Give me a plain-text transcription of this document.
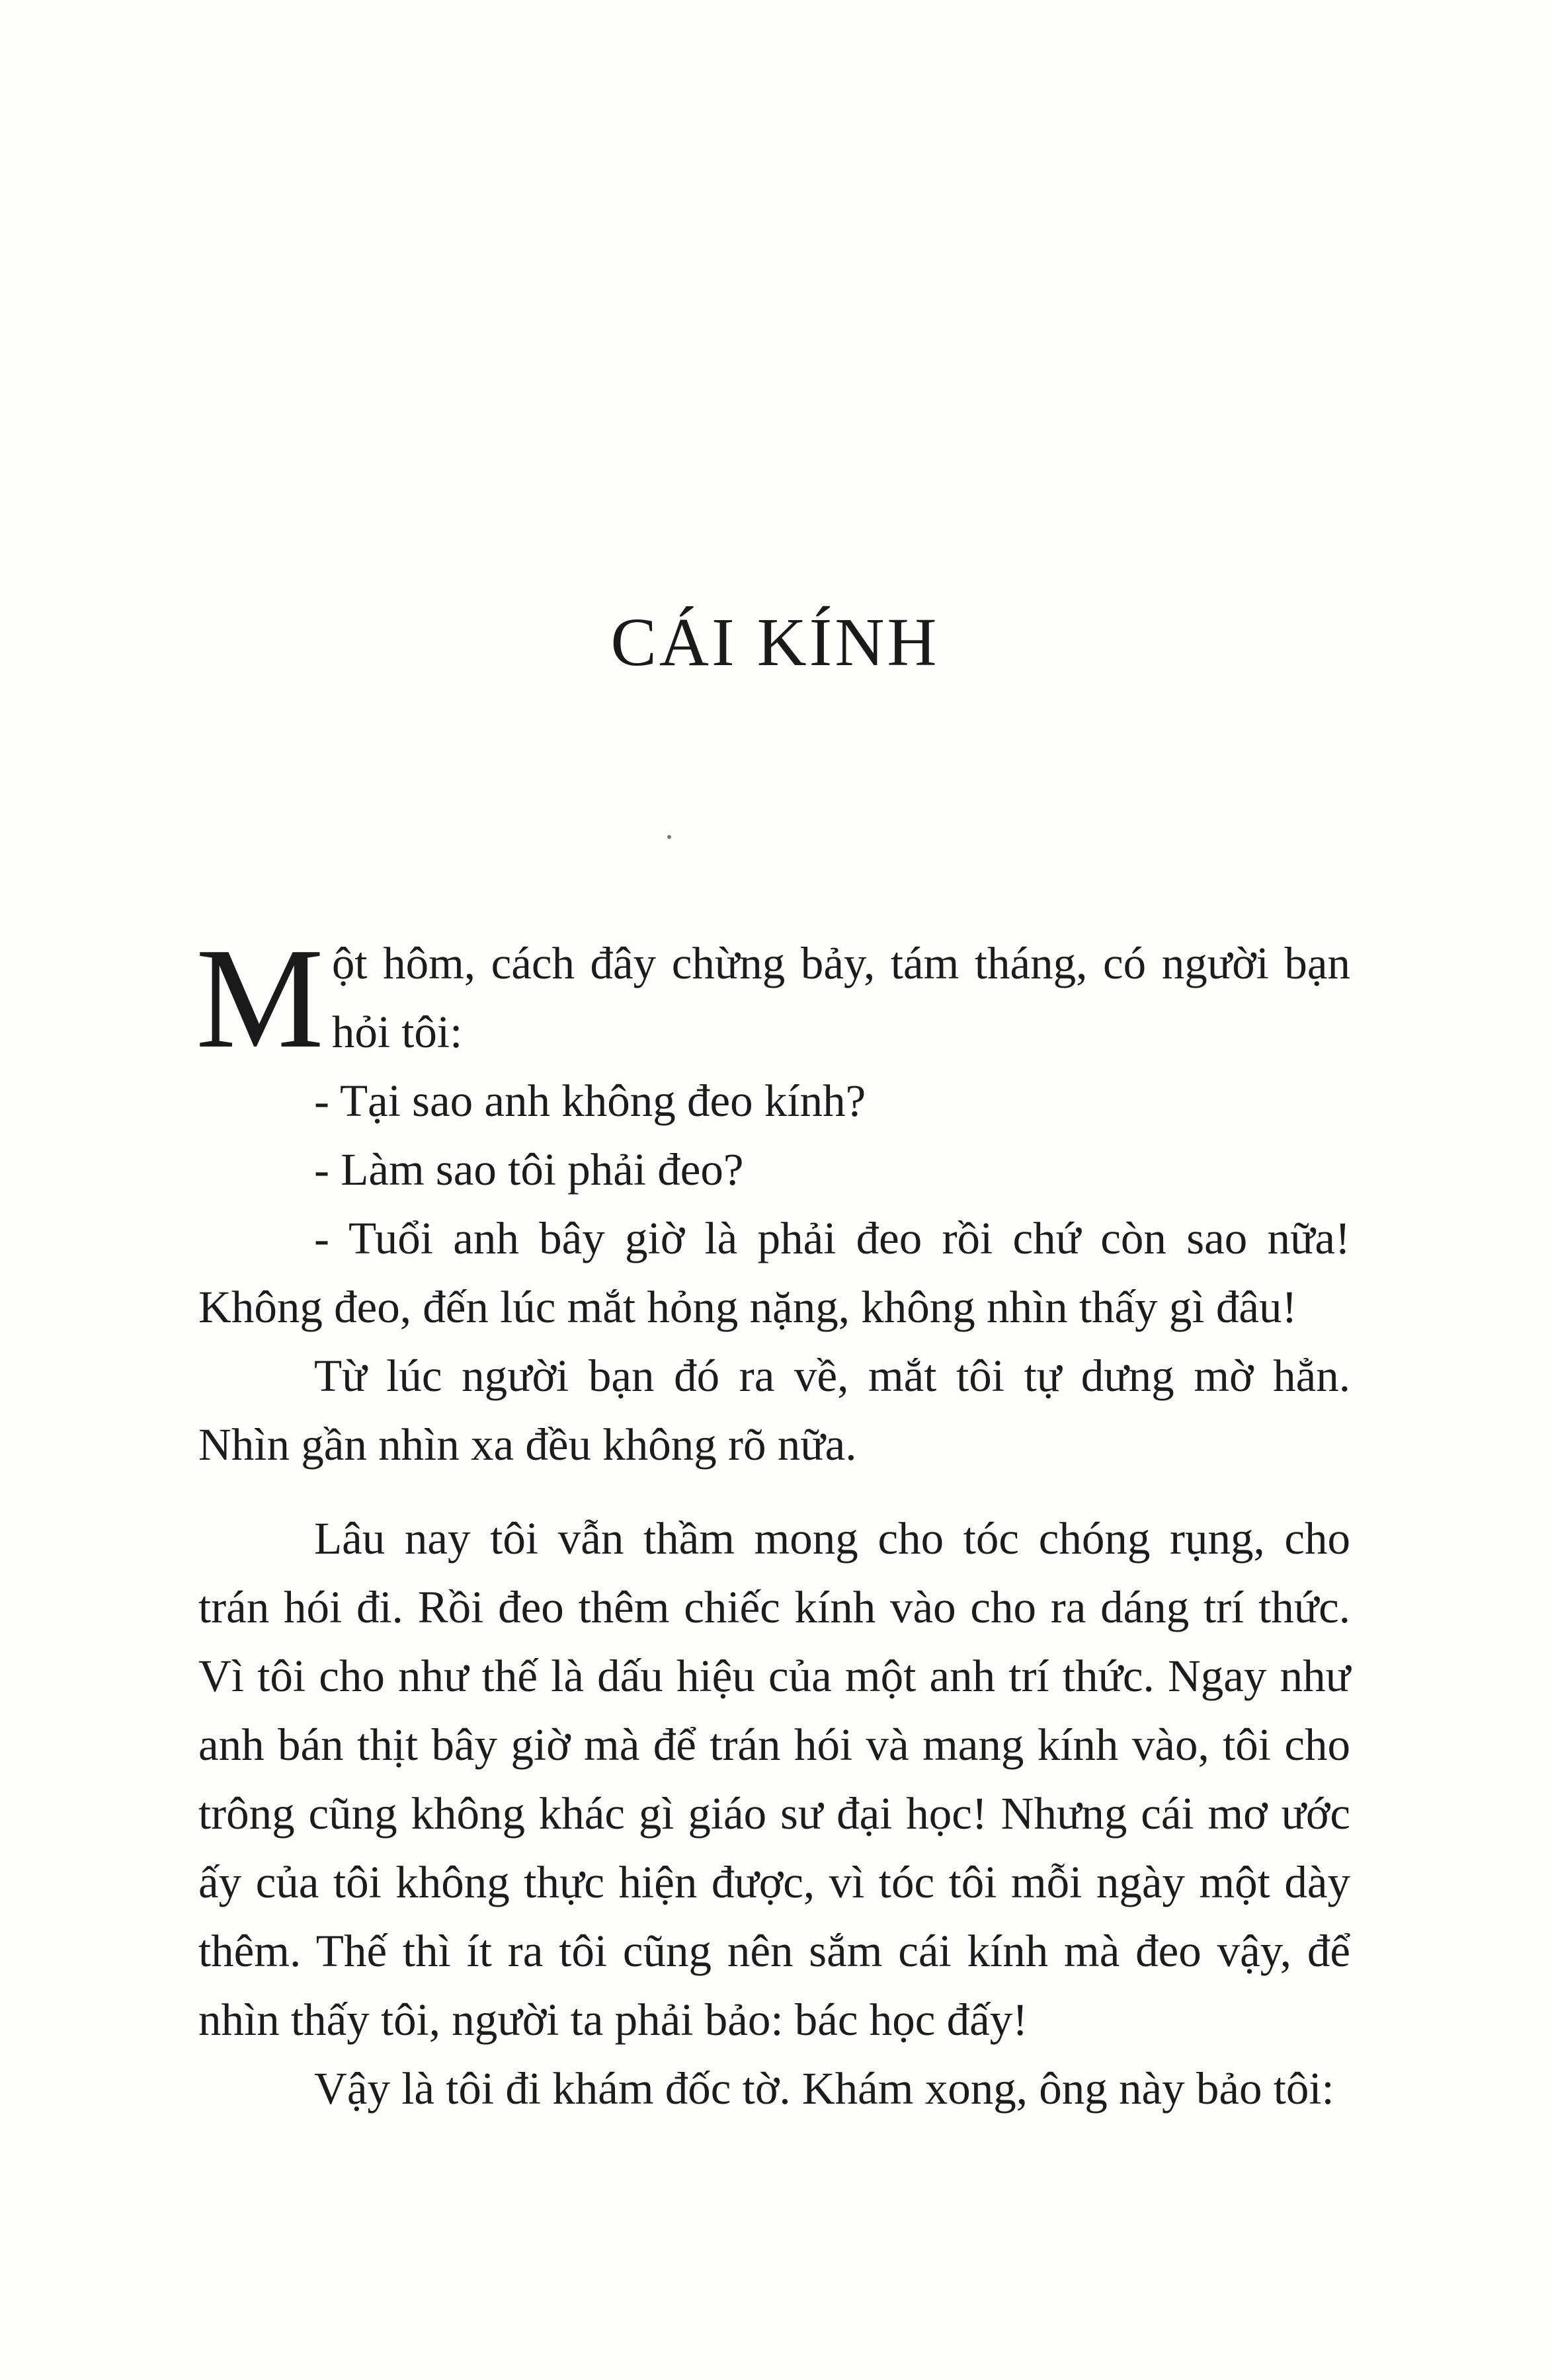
CÁI KÍNH

Một hôm, cách đây chừng bảy, tám tháng, có người bạn hỏi tôi:

- Tại sao anh không đeo kính?

- Làm sao tôi phải đeo?

- Tuổi anh bây giờ là phải đeo rồi chứ còn sao nữa! Không đeo, đến lúc mắt hỏng nặng, không nhìn thấy gì đâu!

Từ lúc người bạn đó ra về, mắt tôi tự dưng mờ hẳn. Nhìn gần nhìn xa đều không rõ nữa.

Lâu nay tôi vẫn thầm mong cho tóc chóng rụng, cho trán hói đi. Rồi đeo thêm chiếc kính vào cho ra dáng trí thức. Vì tôi cho như thế là dấu hiệu của một anh trí thức. Ngay như anh bán thịt bây giờ mà để trán hói và mang kính vào, tôi cho trông cũng không khác gì giáo sư đại học! Nhưng cái mơ ước ấy của tôi không thực hiện được, vì tóc tôi mỗi ngày một dày thêm. Thế thì ít ra tôi cũng nên sắm cái kính mà đeo vậy, để nhìn thấy tôi, người ta phải bảo: bác học đấy!

Vậy là tôi đi khám đốc tờ. Khám xong, ông này bảo tôi:
